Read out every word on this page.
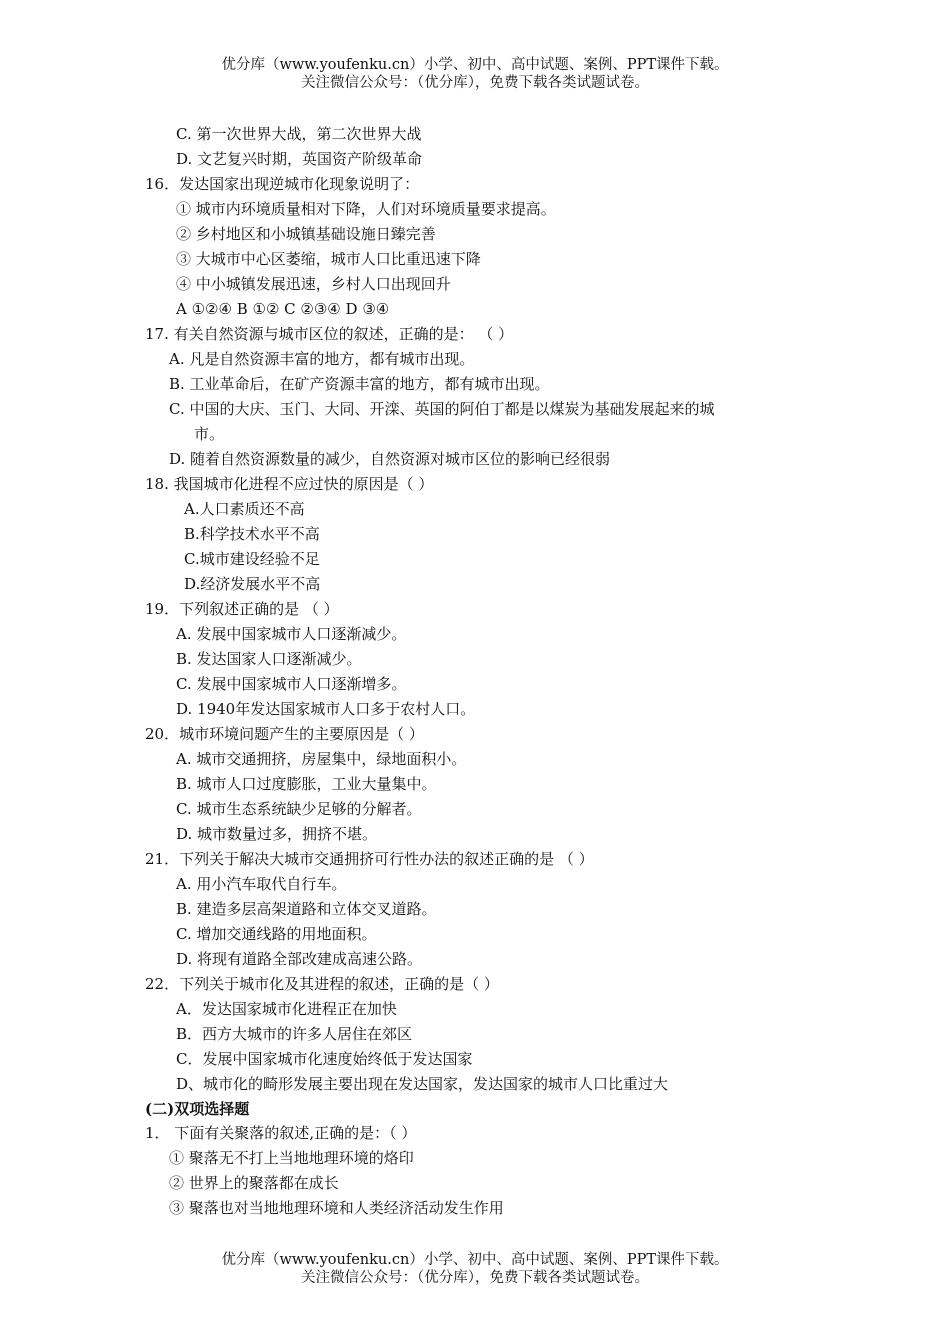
优分库（www.youfenku.cn）小学、初中、高中试题、案例、PPT课件下载。
关注微信公众号：（优分库），免费下载各类试题试卷。
C. 第一次世界大战，第二次世界大战
D. 文艺复兴时期，英国资产阶级革命
16．发达国家出现逆城市化现象说明了：
① 城市内环境质量相对下降，人们对环境质量要求提高。
② 乡村地区和小城镇基础设施日臻完善
③ 大城市中心区萎缩，城市人口比重迅速下降
④ 中小城镇发展迅速，乡村人口出现回升
A ①②④ B ①② C ②③④ D ③④
17. 有关自然资源与城市区位的叙述，正确的是： （ ）
A. 凡是自然资源丰富的地方，都有城市出现。
B. 工业革命后，在矿产资源丰富的地方，都有城市出现。
C. 中国的大庆、玉门、大同、开滦、英国的阿伯丁都是以煤炭为基础发展起来的城
市。
D. 随着自然资源数量的减少，自然资源对城市区位的影响已经很弱
18. 我国城市化进程不应过快的原因是（ ）
A.人口素质还不高
B.科学技术水平不高
C.城市建设经验不足
D.经济发展水平不高
19．下列叙述正确的是 （ ）
A. 发展中国家城市人口逐渐减少。
B. 发达国家人口逐渐减少。
C. 发展中国家城市人口逐渐增多。
D. 1940年发达国家城市人口多于农村人口。
20．城市环境问题产生的主要原因是（ ）
A. 城市交通拥挤，房屋集中，绿地面积小。
B. 城市人口过度膨胀，工业大量集中。
C. 城市生态系统缺少足够的分解者。
D. 城市数量过多，拥挤不堪。
21．下列关于解决大城市交通拥挤可行性办法的叙述正确的是 （ ）
A. 用小汽车取代自行车。
B. 建造多层高架道路和立体交叉道路。
C. 增加交通线路的用地面积。
D. 将现有道路全部改建成高速公路。
22．下列关于城市化及其进程的叙述，正确的是（ ）
A．发达国家城市化进程正在加快
B．西方大城市的许多人居住在郊区
C．发展中国家城市化速度始终低于发达国家
D、城市化的畸形发展主要出现在发达国家，发达国家的城市人口比重过大
(二)双项选择题
1． 下面有关聚落的叙述,正确的是：（ ）
① 聚落无不打上当地地理环境的烙印
② 世界上的聚落都在成长
③ 聚落也对当地地理环境和人类经济活动发生作用
优分库（www.youfenku.cn）小学、初中、高中试题、案例、PPT课件下载。
关注微信公众号：（优分库），免费下载各类试题试卷。
